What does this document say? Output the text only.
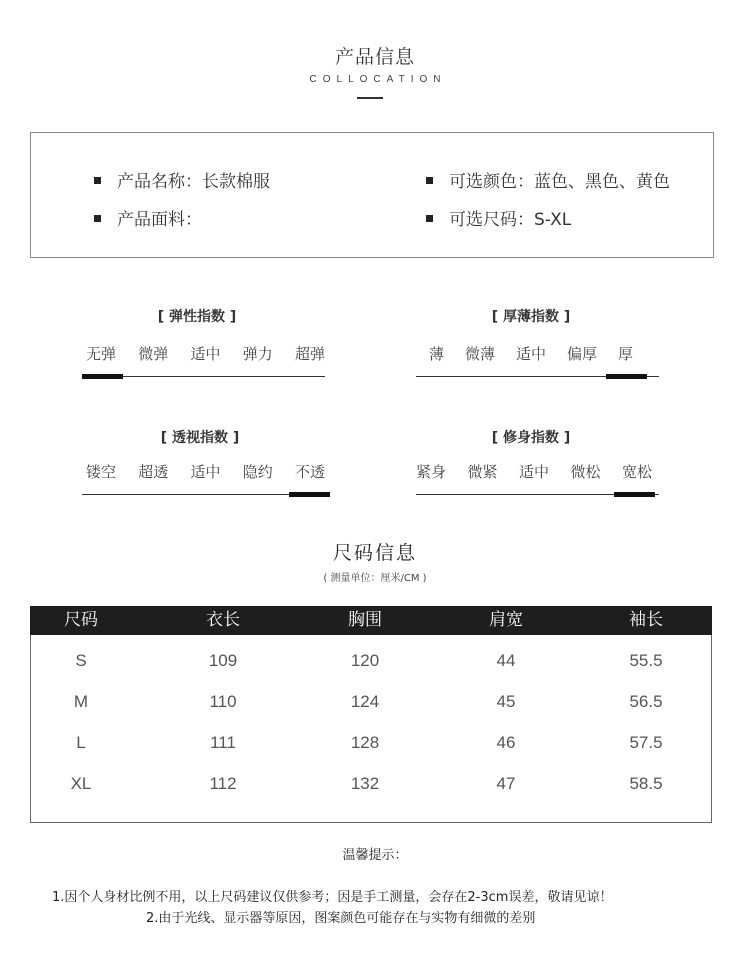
产品信息
COLLOCATION
产品名称：长款棉服
产品面料：
可选颜色：蓝色、黑色、黄色
可选尺码：S-XL
[ 弹性指数 ]
无弹 微弹 适中 弹力 超弹
[ 厚薄指数 ]
薄 微薄 适中 偏厚 厚
[ 透视指数 ]
镂空 超透 适中 隐约 不透
[ 修身指数 ]
紧身 微紧 适中 微松 宽松
尺码信息
( 测量单位：厘米/CM )
尺码	衣长	胸围	肩宽	袖长
S	109	120	44	55.5
M	110	124	45	56.5
L	111	128	46	57.5
XL	112	132	47	58.5
温馨提示：
1.因个人身材比例不用，以上尺码建议仅供参考；因是手工测量，会存在2-3cm误差，敬请见谅！
2.由于光线、显示器等原因，图案颜色可能存在与实物有细微的差别
